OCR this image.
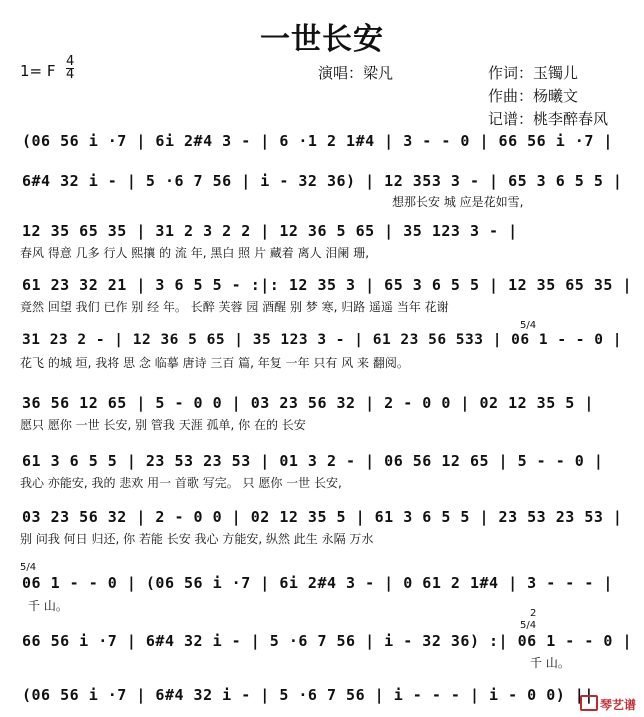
一世长安
演唱：梁凡	作词：玉镯儿
作曲：杨曦文
记谱：桃李醉春风
1= F
4
4
(06 56 i ·7 | 6i 2#4 3 - | 6 ·1 2 1#4 | 3 - - 0 | 66 56 i ·7 |
6#4 32 i - | 5 ·6 7 56 | i - 32 36) | 12 353 3 - | 65 3 6 5 5 |
想那长安 城 应是花如雪,
12 35 65 35 | 31 2 3 2 2 | 12 36 5 65 | 35 123 3 - |
春风 得意 几多 行人 熙攘 的 流 年, 黑白 照 片 藏着 离人 泪阑 珊,
61 23 32 21 | 3 6 5 5 - :|: 12 35 3 | 65 3 6 5 5 | 12 35 65 35 |
竟然 回望 我们 已作 别 经 年。 长醉 芙蓉 园 酒醒 别 梦 寒, 归路 遥遥 当年 花谢
5/4
31 23 2 - | 12 36 5 65 | 35 123 3 - | 61 23 56 533 | 06 1 - - 0 |
花飞 的城 垣, 我将 思 念 临摹 唐诗 三百 篇, 年复 一年 只有 风 来 翻阅。
36 56 12 65 | 5 - 0 0 | 03 23 56 32 | 2 - 0 0 | 02 12 35 5 |
愿只 愿你 一世 长安, 别 管我 天涯 孤单, 你 在的 长安
61 3 6 5 5 | 23 53 23 53 | 01 3 2 - | 06 56 12 65 | 5 - - 0 |
我心 亦能安, 我的 悲欢 用一 首歌 写完。 只 愿你 一世 长安,
03 23 56 32 | 2 - 0 0 | 02 12 35 5 | 61 3 6 5 5 | 23 53 23 53 |
别 问我 何日 归还, 你 若能 长安 我心 方能安, 纵然 此生 永隔 万水
5/4
06 1 - - 0 | (06 56 i ·7 | 6i 2#4 3 - | 0 61 2 1#4 | 3 - - - |
千 山。
2
5/4
66 56 i ·7 | 6#4 32 i - | 5 ·6 7 56 | i - 32 36) :| 06 1 - - 0 |
千 山。
(06 56 i ·7 | 6#4 32 i - | 5 ·6 7 56 | i - - - | i - 0 0) ||
琴艺谱
